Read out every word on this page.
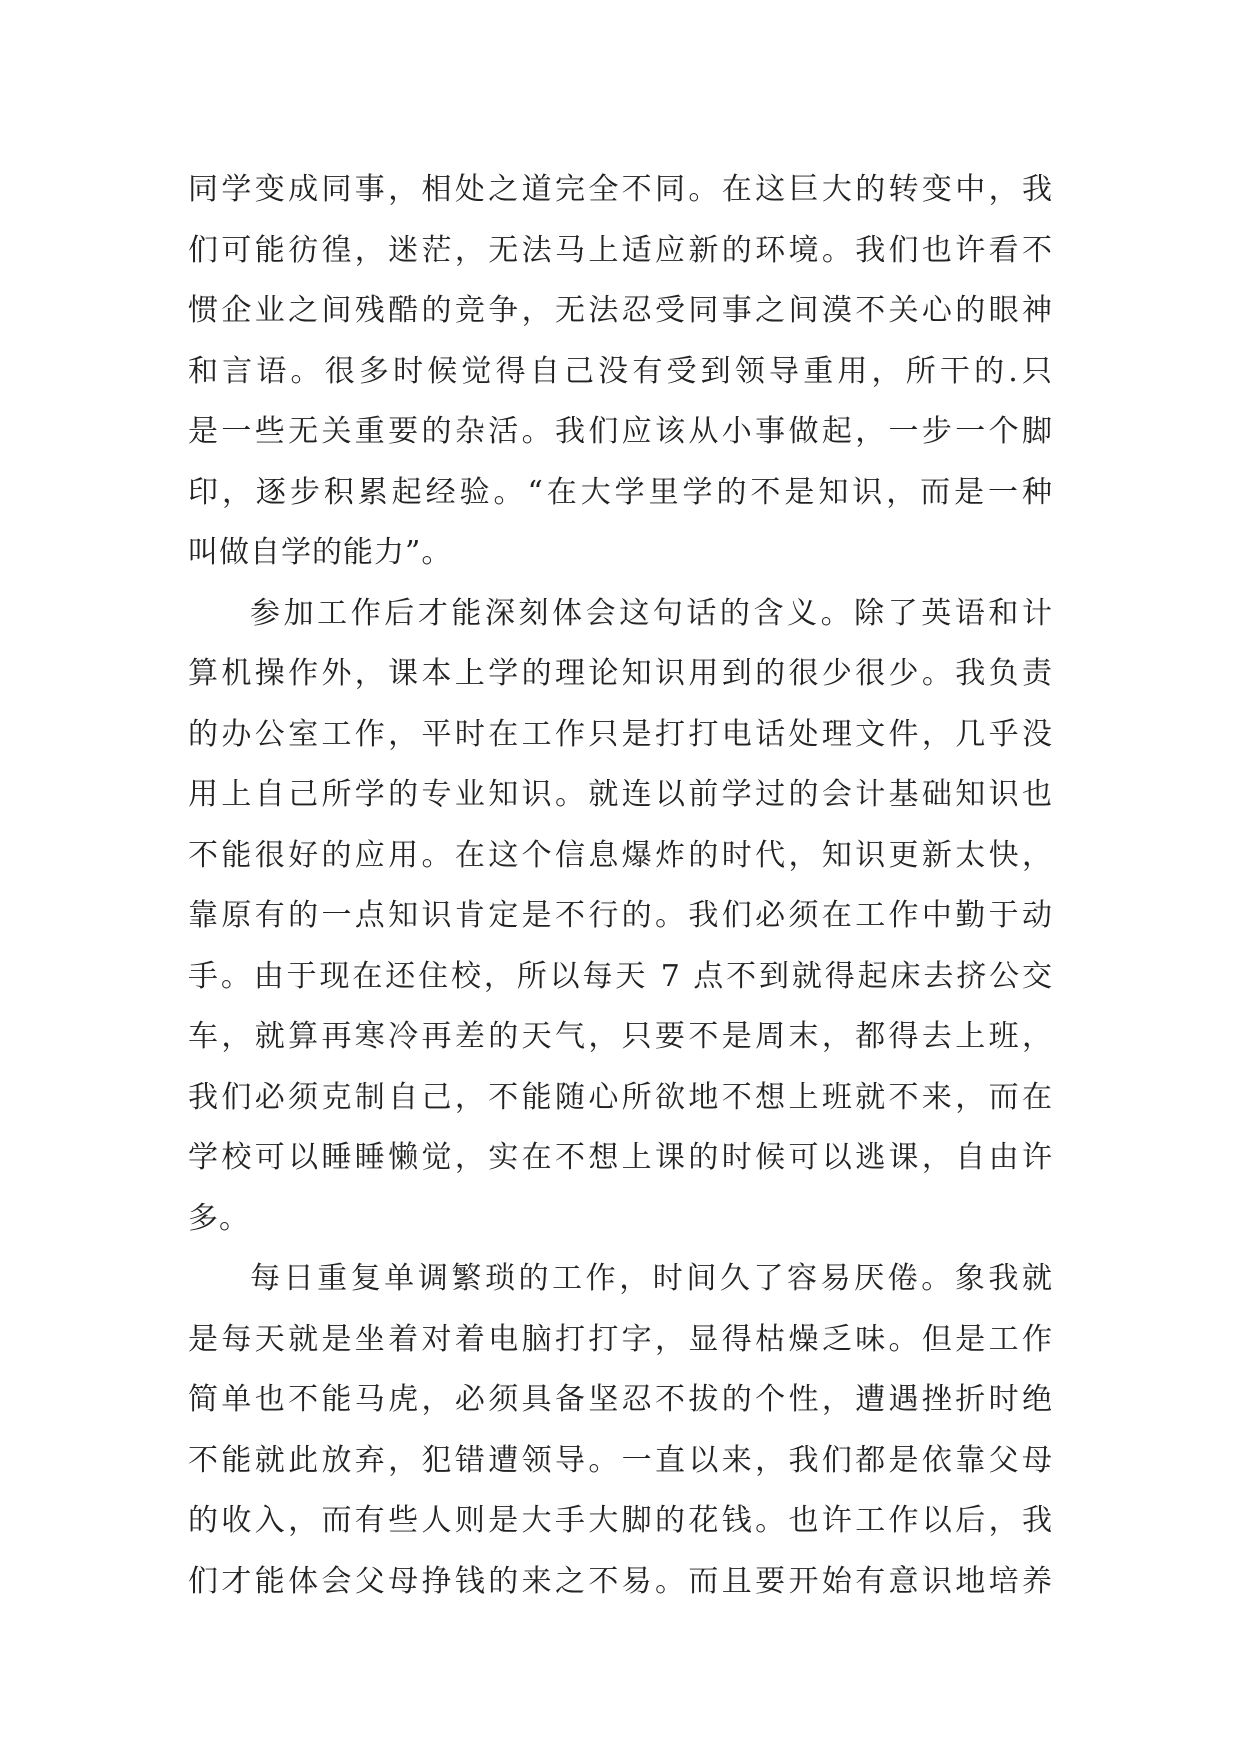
同学变成同事，相处之道完全不同。在这巨大的转变中，我
们可能彷徨，迷茫，无法马上适应新的环境。我们也许看不
惯企业之间残酷的竞争，无法忍受同事之间漠不关心的眼神
和言语。很多时候觉得自己没有受到领导重用，所干的.只
是一些无关重要的杂活。我们应该从小事做起，一步一个脚
印，逐步积累起经验。“在大学里学的不是知识，而是一种
叫做自学的能力”。
参加工作后才能深刻体会这句话的含义。除了英语和计
算机操作外，课本上学的理论知识用到的很少很少。我负责
的办公室工作，平时在工作只是打打电话处理文件，几乎没
用上自己所学的专业知识。就连以前学过的会计基础知识也
不能很好的应用。在这个信息爆炸的时代，知识更新太快，
靠原有的一点知识肯定是不行的。我们必须在工作中勤于动
手。由于现在还住校，所以每天 7 点不到就得起床去挤公交
车，就算再寒冷再差的天气，只要不是周末，都得去上班，
我们必须克制自己，不能随心所欲地不想上班就不来，而在
学校可以睡睡懒觉，实在不想上课的时候可以逃课，自由许
多。
每日重复单调繁琐的工作，时间久了容易厌倦。象我就
是每天就是坐着对着电脑打打字，显得枯燥乏味。但是工作
简单也不能马虎，必须具备坚忍不拔的个性，遭遇挫折时绝
不能就此放弃，犯错遭领导。一直以来，我们都是依靠父母
的收入，而有些人则是大手大脚的花钱。也许工作以后，我
们才能体会父母挣钱的来之不易。而且要开始有意识地培养
